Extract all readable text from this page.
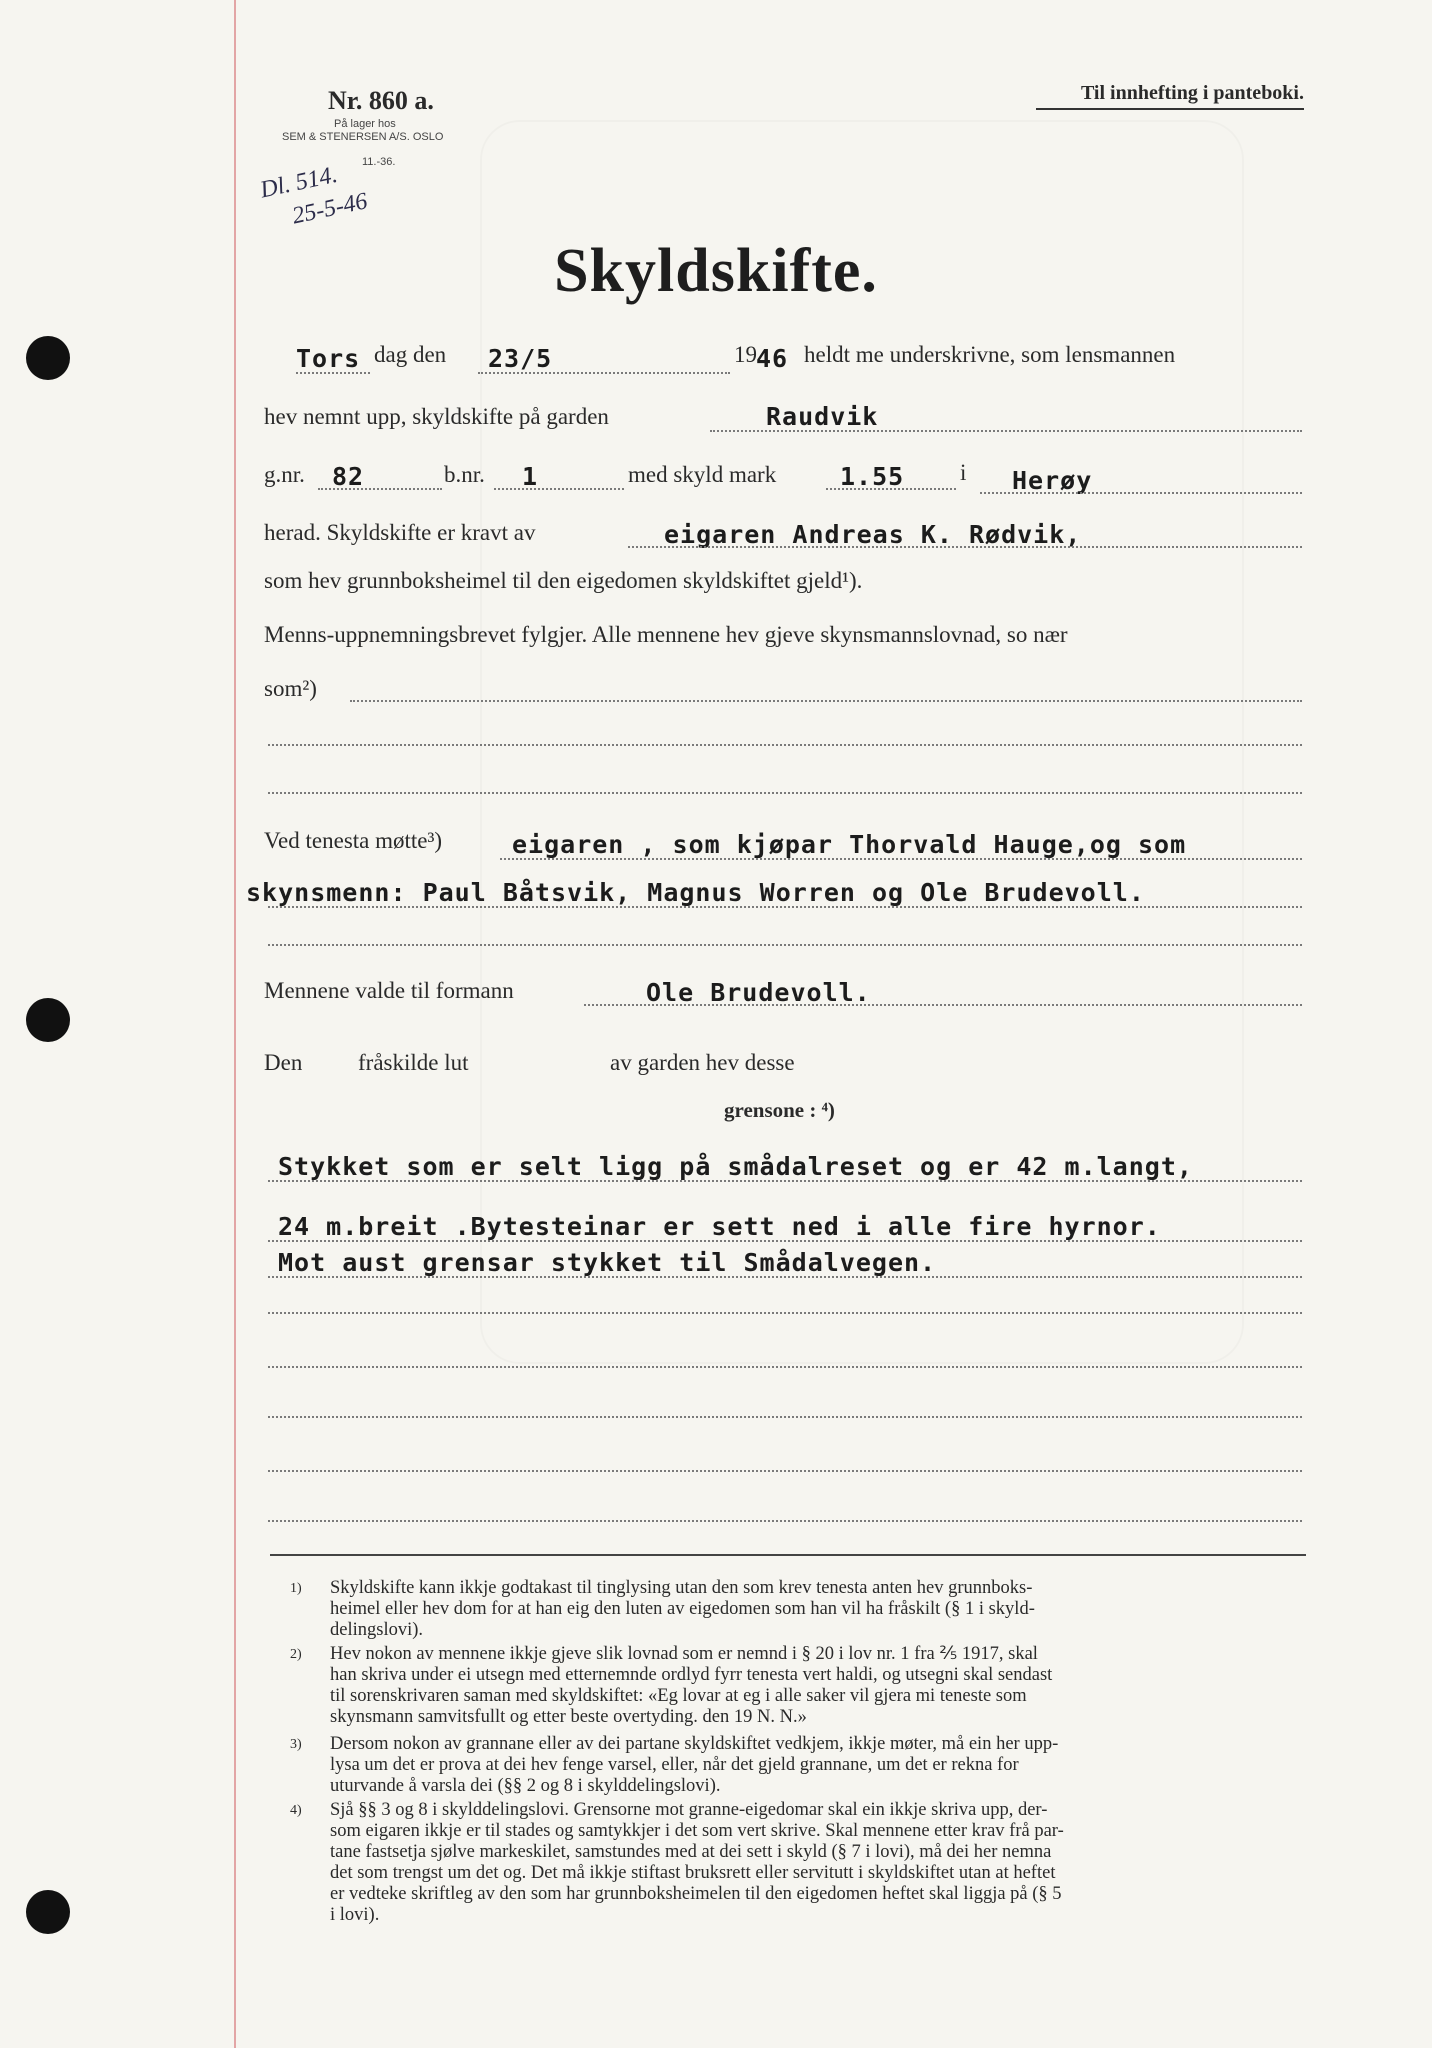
Nr. 860 a.
På lager hos
SEM & STENERSEN A/S. OSLO
11.-36.
Dl. 514.
25-5-46
Til innhefting i panteboki.
Skyldskifte.
Tors dag den 23/5	19 46 heldt me underskrivne, som lensmannen
hev nemnt upp, skyldskifte på garden	Raudvik
g.nr. 82	b.nr. 1	med skyld mark	1.55 i Herøy
herad. Skyldskifte er kravt av	eigaren Andreas K. Rødvik,
som hev grunnboksheimel til den eigedomen skyldskiftet gjeld¹).
Menns-uppnemningsbrevet fylgjer. Alle mennene hev gjeve skynsmannslovnad, so nær
som²)
Ved tenesta møtte³)	eigaren , som kjøpar Thorvald Hauge,og som
skynsmenn: Paul Båtsvik, Magnus Worren og Ole Brudevoll.
Mennene valde til formann	Ole Brudevoll.
Den fråskilde lut	av garden hev desse
grensone : ⁴)
Stykket som er selt ligg på smådalreset og er 42 m.langt,
24 m.breit .Bytesteinar er sett ned i alle fire hyrnor.
Mot aust grensar stykket til Smådalvegen.
1) Skyldskifte kann ikkje godtakast til tinglysing utan den som krev tenesta anten hev grunnboks-

heimel eller hev dom for at han eig den luten av eigedomen som han vil ha fråskilt (§ 1 i skyld-

delingslovi).

2) Hev nokon av mennene ikkje gjeve slik lovnad som er nemnd i § 20 i lov nr. 1 fra ⅖ 1917, skal

han skriva under ei utsegn med etternemnde ordlyd fyrr tenesta vert haldi, og utsegni skal sendast

til sorenskrivaren saman med skyldskiftet: «Eg lovar at eg i alle saker vil gjera mi teneste som

skynsmann samvitsfullt og etter beste overtyding. den 19 N. N.»

3) Dersom nokon av grannane eller av dei partane skyldskiftet vedkjem, ikkje møter, må ein her upp-

lysa um det er prova at dei hev fenge varsel, eller, når det gjeld grannane, um det er rekna for

uturvande å varsla dei (§§ 2 og 8 i skylddelingslovi).

4) Sjå §§ 3 og 8 i skylddelingslovi. Grensorne mot granne-eigedomar skal ein ikkje skriva upp, der-

som eigaren ikkje er til stades og samtykkjer i det som vert skrive. Skal mennene etter krav frå par-

tane fastsetja sjølve markeskilet, samstundes med at dei sett i skyld (§ 7 i lovi), må dei her nemna

det som trengst um det og. Det må ikkje stiftast bruksrett eller servitutt i skyldskiftet utan at heftet

er vedteke skriftleg av den som har grunnboksheimelen til den eigedomen heftet skal liggja på (§ 5

i lovi).
